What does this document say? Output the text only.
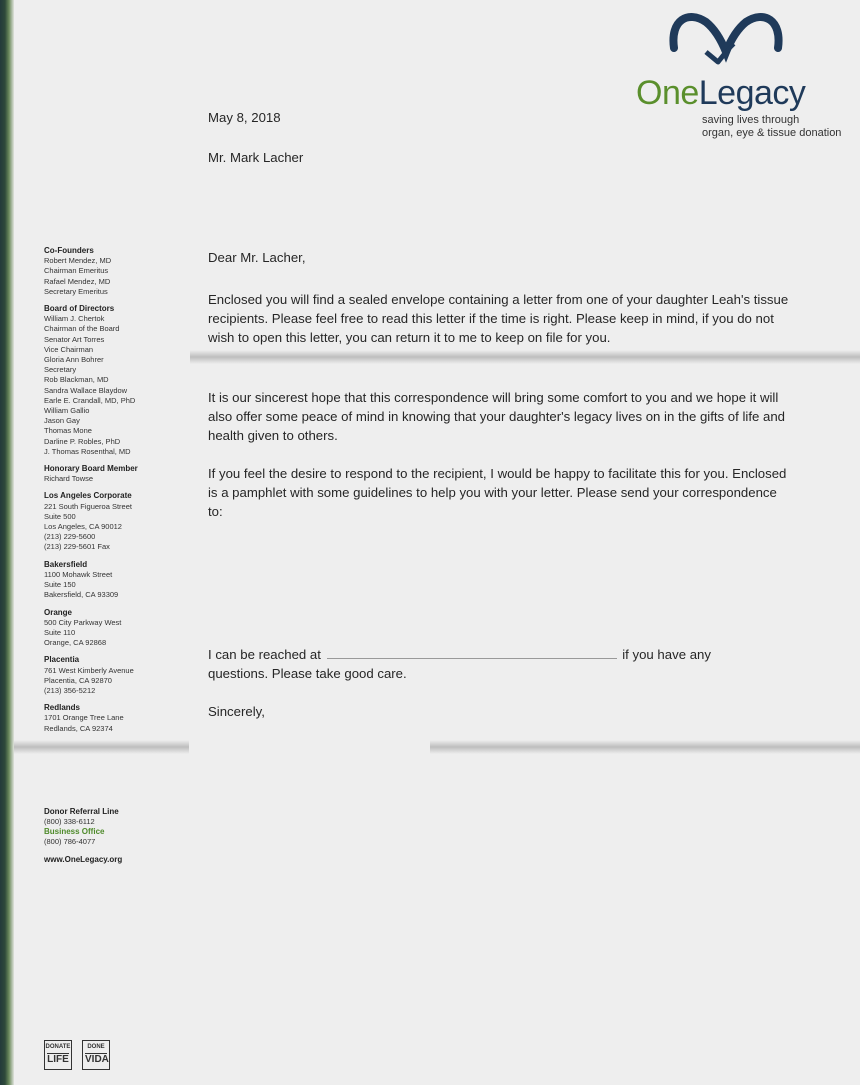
OneLegacy
saving lives through
organ, eye & tissue donation
May 8, 2018
Mr. Mark Lacher
Dear Mr. Lacher,
Enclosed you will find a sealed envelope containing a letter from one of your daughter Leah's tissue recipients. Please feel free to read this letter if the time is right. Please keep in mind, if you do not wish to open this letter, you can return it to me to keep on file for you.
It is our sincerest hope that this correspondence will bring some comfort to you and we hope it will also offer some peace of mind in knowing that your daughter's legacy lives on in the gifts of life and health given to others.
If you feel the desire to respond to the recipient, I would be happy to facilitate this for you. Enclosed is a pamphlet with some guidelines to help you with your letter. Please send your correspondence to:
I can be reached at	if you have any
questions. Please take good care.
Sincerely,
Co-Founders
Robert Mendez, MD
Chairman Emeritus
Rafael Mendez, MD
Secretary Emeritus
Board of Directors
William J. Chertok
Chairman of the Board
Senator Art Torres
Vice Chairman
Gloria Ann Bohrer
Secretary
Rob Blackman, MD
Sandra Wallace Blaydow
Earle E. Crandall, MD, PhD
William Gallio
Jason Gay
Thomas Mone
Darline P. Robles, PhD
J. Thomas Rosenthal, MD
Honorary Board Member
Richard Towse
Los Angeles Corporate
221 South Figueroa Street
Suite 500
Los Angeles, CA 90012
(213) 229-5600
(213) 229-5601 Fax
Bakersfield
1100 Mohawk Street
Suite 150
Bakersfield, CA 93309
Orange
500 City Parkway West
Suite 110
Orange, CA 92868
Placentia
761 West Kimberly Avenue
Placentia, CA 92870
(213) 356-5212
Redlands
1701 Orange Tree Lane
Redlands, CA 92374
Donor Referral Line
(800) 338-6112
Business Office
(800) 786-4077
www.OneLegacy.org
DONATE
LIFE
DONE
VIDA
